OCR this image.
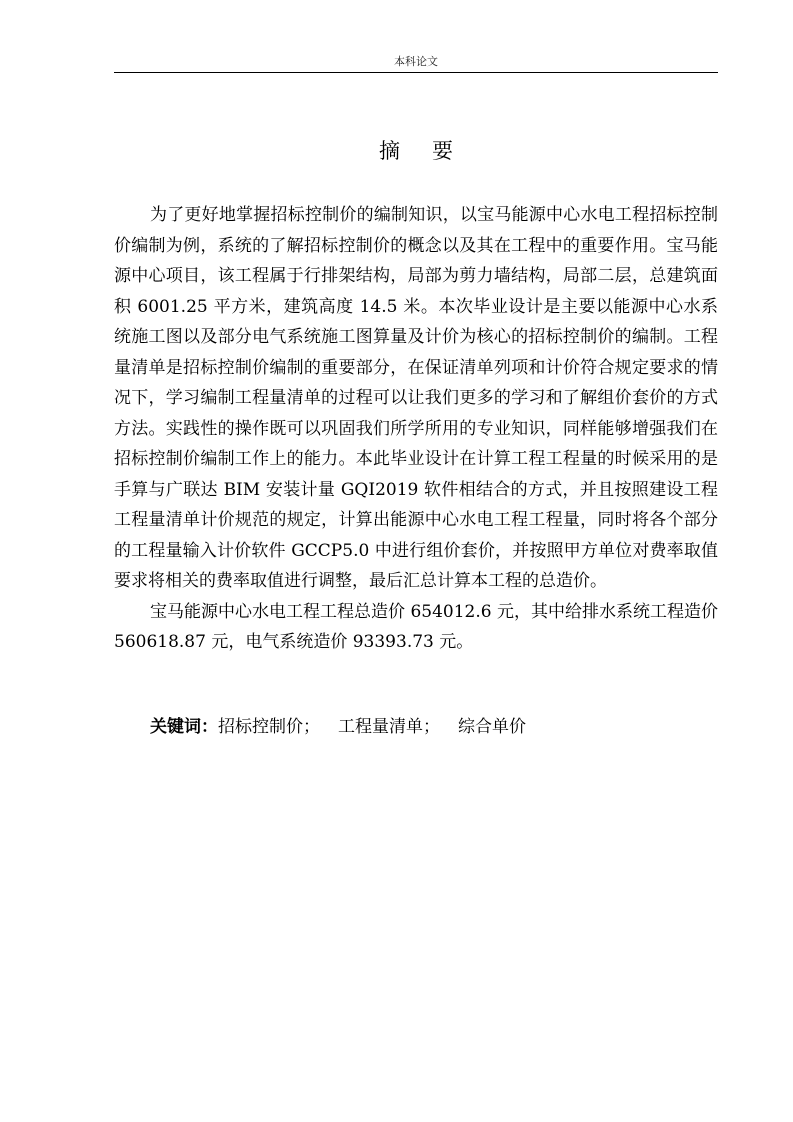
本科论文
摘要

为了更好地掌握招标控制价的编制知识，以宝马能源中心水电工程招标控制价编制为例，系统的了解招标控制价的概念以及其在工程中的重要作用。宝马能源中心项目，该工程属于行排架结构，局部为剪力墙结构，局部二层，总建筑面积 6001.25 平方米，建筑高度 14.5 米。本次毕业设计是主要以能源中心水系统施工图以及部分电气系统施工图算量及计价为核心的招标控制价的编制。工程量清单是招标控制价编制的重要部分，在保证清单列项和计价符合规定要求的情况下，学习编制工程量清单的过程可以让我们更多的学习和了解组价套价的方式方法。实践性的操作既可以巩固我们所学所用的专业知识，同样能够增强我们在招标控制价编制工作上的能力。本此毕业设计在计算工程工程量的时候采用的是手算与广联达 BIM 安装计量 GQI2019 软件相结合的方式，并且按照建设工程工程量清单计价规范的规定，计算出能源中心水电工程工程量，同时将各个部分的工程量输入计价软件 GCCP5.0 中进行组价套价，并按照甲方单位对费率取值要求将相关的费率取值进行调整，最后汇总计算本工程的总造价。

宝马能源中心水电工程工程总造价 654012.6 元，其中给排水系统工程造价 560618.87 元，电气系统造价 93393.73 元。

关键词：招标控制价； 工程量清单； 综合单价
